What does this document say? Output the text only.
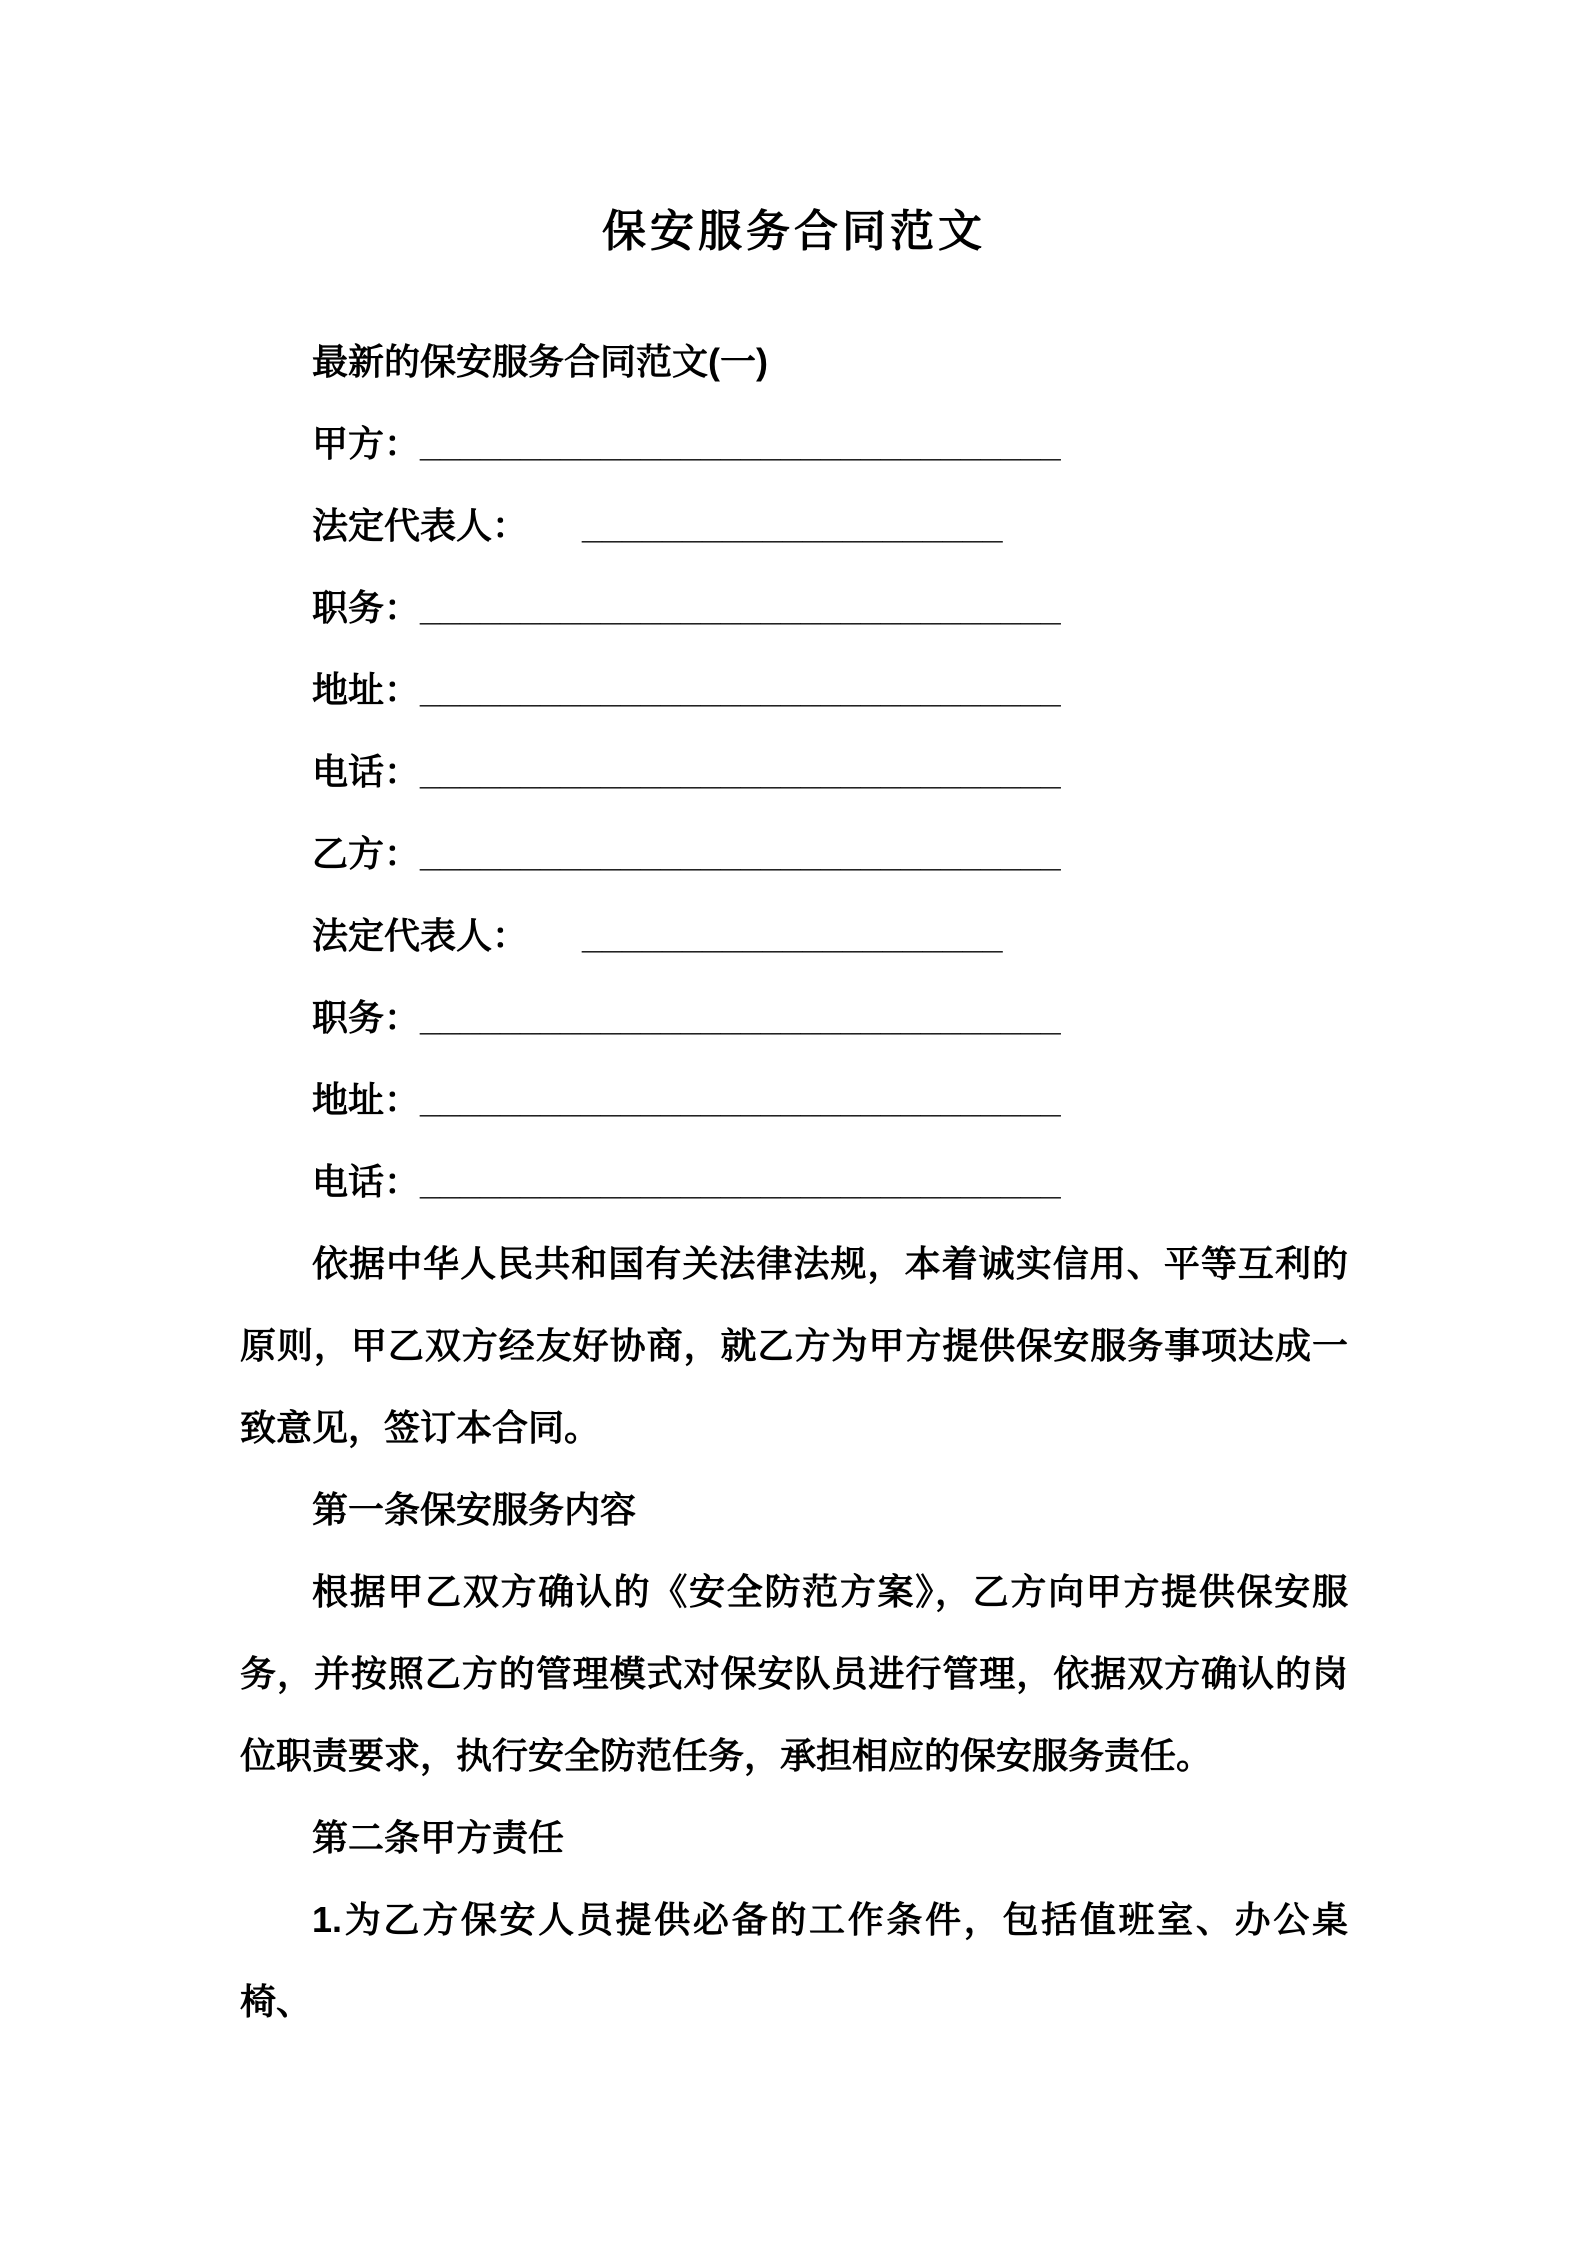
保安服务合同范文

最新的保安服务合同范文(一)

甲方：________________________________

法定代表人：　　_____________________

职务：________________________________

地址：________________________________

电话：________________________________

乙方：________________________________

法定代表人：　　_____________________

职务：________________________________

地址：________________________________

电话：________________________________

依据中华人民共和国有关法律法规，本着诚实信用、平等互利的原则，甲乙双方经友好协商，就乙方为甲方提供保安服务事项达成一致意见，签订本合同。

第一条保安服务内容

根据甲乙双方确认的《安全防范方案》，乙方向甲方提供保安服务，并按照乙方的管理模式对保安队员进行管理，依据双方确认的岗位职责要求，执行安全防范任务，承担相应的保安服务责任。

第二条甲方责任

1.为乙方保安人员提供必备的工作条件，包括值班室、办公桌椅、
